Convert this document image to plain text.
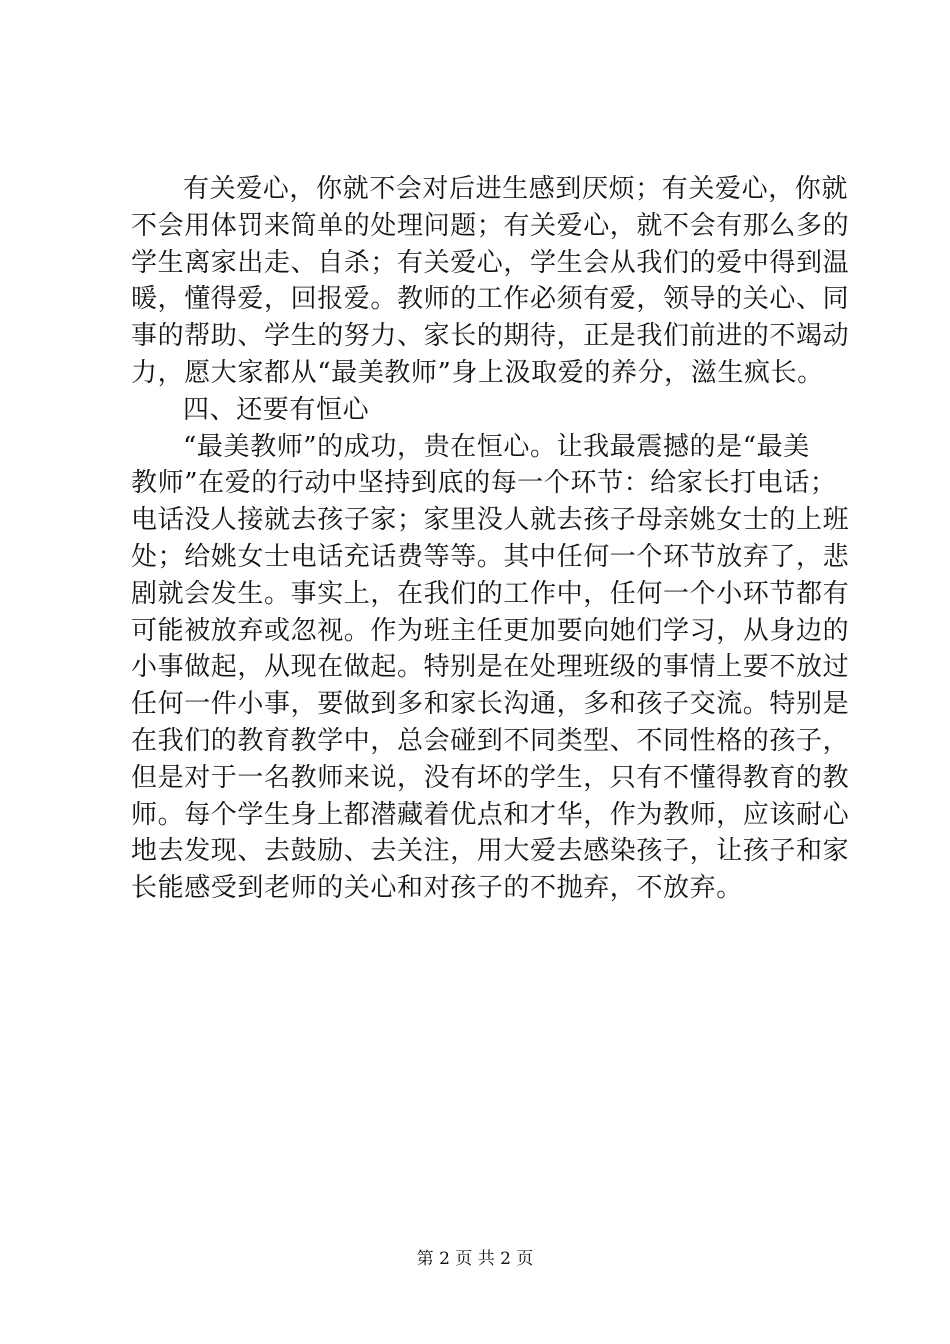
有关爱心，你就不会对后进生感到厌烦；有关爱心，你就
不会用体罚来简单的处理问题；有关爱心，就不会有那么多的
学生离家出走、自杀；有关爱心，学生会从我们的爱中得到温
暖，懂得爱，回报爱。教师的工作必须有爱，领导的关心、同
事的帮助、学生的努力、家长的期待，正是我们前进的不竭动
力，愿大家都从“最美教师”身上汲取爱的养分，滋生疯长。
四、还要有恒心
“最美教师”的成功，贵在恒心。让我最震撼的是“最美
教师”在爱的行动中坚持到底的每一个环节：给家长打电话；
电话没人接就去孩子家；家里没人就去孩子母亲姚女士的上班
处；给姚女士电话充话费等等。其中任何一个环节放弃了，悲
剧就会发生。事实上，在我们的工作中，任何一个小环节都有
可能被放弃或忽视。作为班主任更加要向她们学习，从身边的
小事做起，从现在做起。特别是在处理班级的事情上要不放过
任何一件小事，要做到多和家长沟通，多和孩子交流。特别是
在我们的教育教学中，总会碰到不同类型、不同性格的孩子，
但是对于一名教师来说，没有坏的学生，只有不懂得教育的教
师。每个学生身上都潜藏着优点和才华，作为教师，应该耐心
地去发现、去鼓励、去关注，用大爱去感染孩子，让孩子和家
长能感受到老师的关心和对孩子的不抛弃，不放弃。
第 2 页 共 2 页
